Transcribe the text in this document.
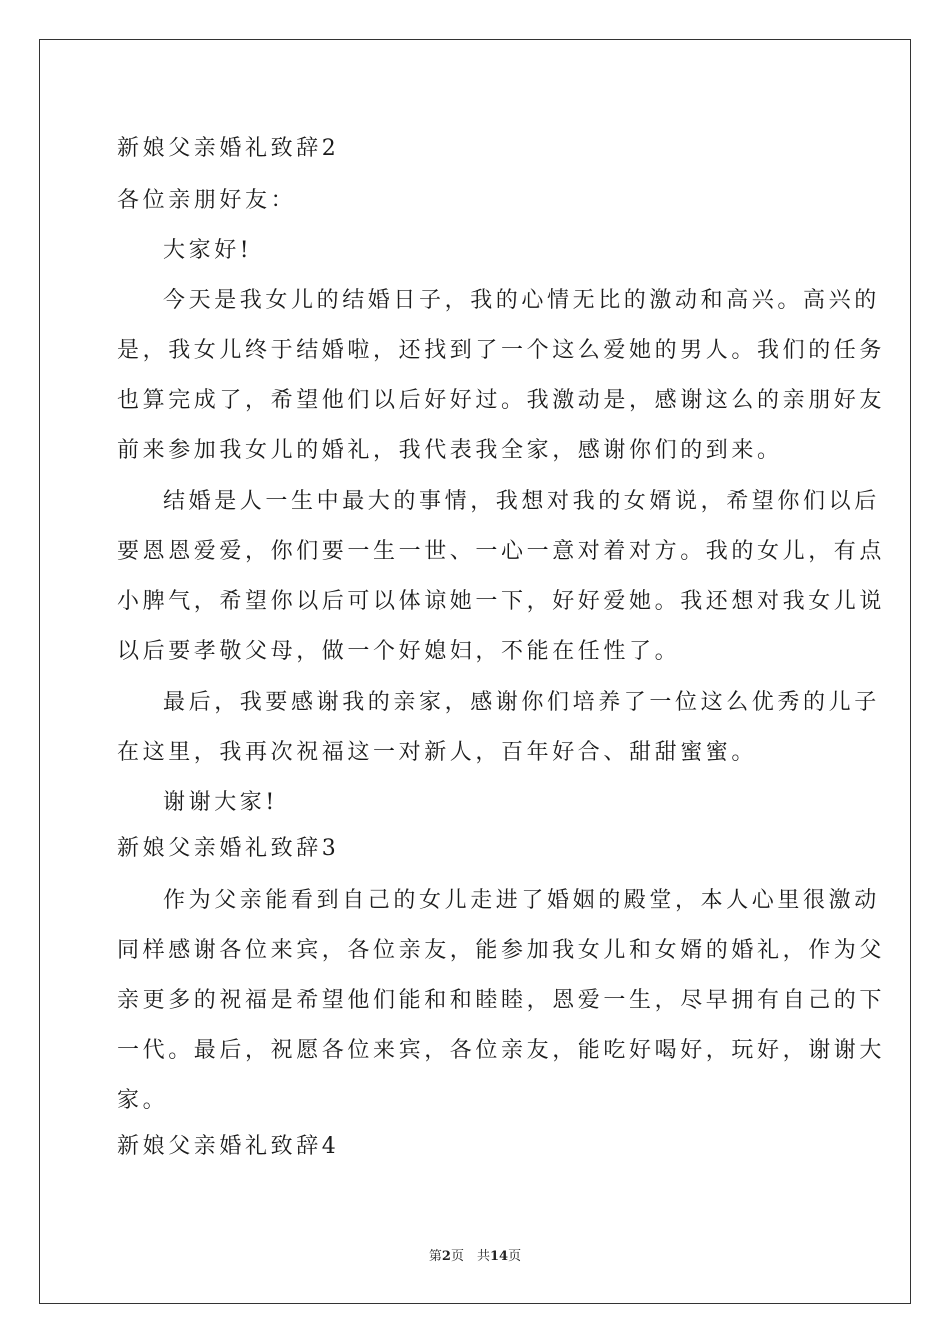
新娘父亲婚礼致辞2
各位亲朋好友：
大家好!
今天是我女儿的结婚日子，我的心情无比的激动和高兴。高兴的
是，我女儿终于结婚啦，还找到了一个这么爱她的男人。我们的任务
也算完成了，希望他们以后好好过。我激动是，感谢这么的亲朋好友
前来参加我女儿的婚礼，我代表我全家，感谢你们的到来。
结婚是人一生中最大的事情，我想对我的女婿说，希望你们以后
要恩恩爱爱，你们要一生一世、一心一意对着对方。我的女儿，有点
小脾气，希望你以后可以体谅她一下，好好爱她。我还想对我女儿说
以后要孝敬父母，做一个好媳妇，不能在任性了。
最后，我要感谢我的亲家，感谢你们培养了一位这么优秀的儿子
在这里，我再次祝福这一对新人，百年好合、甜甜蜜蜜。
谢谢大家!
新娘父亲婚礼致辞3
作为父亲能看到自己的女儿走进了婚姻的殿堂，本人心里很激动
同样感谢各位来宾，各位亲友，能参加我女儿和女婿的婚礼，作为父
亲更多的祝福是希望他们能和和睦睦，恩爱一生，尽早拥有自己的下
一代。最后，祝愿各位来宾，各位亲友，能吃好喝好，玩好，谢谢大
家。
新娘父亲婚礼致辞4
第2页　共14页
